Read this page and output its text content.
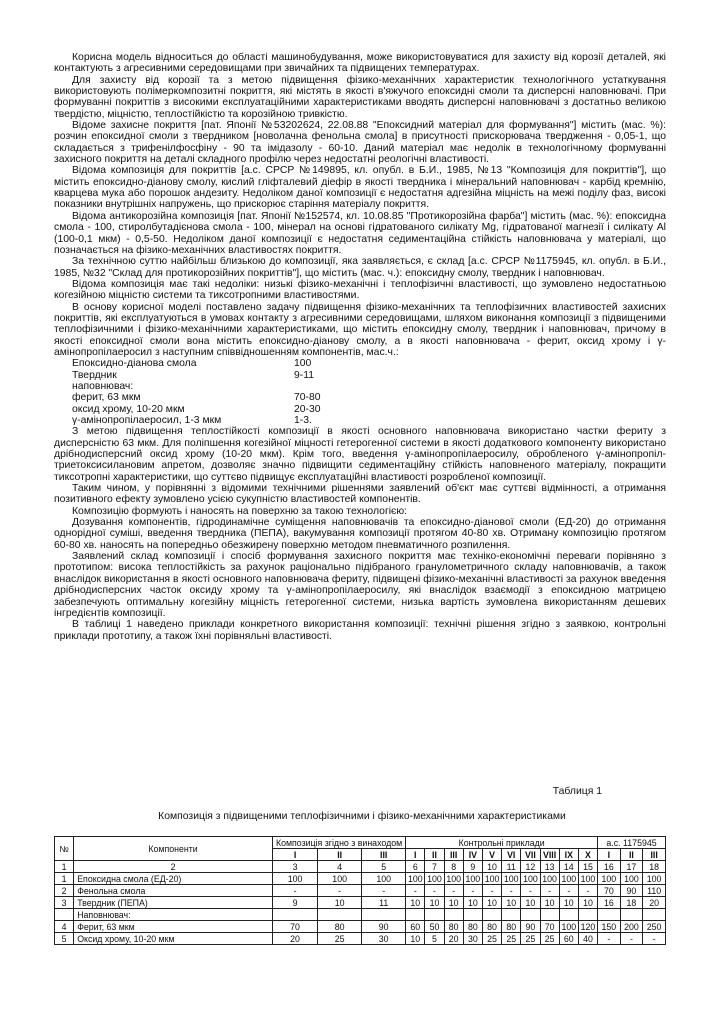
Корисна модель відноситься до області машинобудування, може використовуватися для захисту від корозії деталей, які контактують з агресивними середовищами при звичайних та підвищених температурах.

Для захисту від корозії та з метою підвищення фізико-механічних характеристик технологічного устаткування використовують полімеркомпозитні покриття, які містять в якості в'яжучого епоксидні смоли та дисперсні наповнювачі. При формуванні покриттів з високими експлуатаційними характеристиками вводять дисперсні наповнювачі з достатньо великою твердістю, міцністю, теплостійкістю та корозійною тривкістю.

Відоме захисне покриття [пат. Японії №53202624, 22.08.88 "Епоксидний матеріал для формування"] містить (мас. %): розчин епоксидної смоли з твердником [новолачна фенольна смола] в присутності прискорювача твердження - 0,05-1, що складається з трифенілфосфіну - 90 та імідазолу - 60-10. Даний матеріал має недолік в технологічному формуванні захисного покриття на деталі складного профілю через недостатні реологічні властивості.

Відома композиція для покриттів [а.с. СРСР №149895, кл. опубл. в Б.И., 1985, №13 "Композиція для покриттів"], що містить епоксидно-діанову смолу, кислий гліфталевий діефір в якості твердника і мінеральний наповнювач - карбід кремнію, кварцева мука або порошок андезиту. Недоліком даної композиції є недостатня адгезійна міцність на межі поділу фаз, високі показники внутрішніх напружень, що прискорює старіння матеріалу покриття.

Відома антикорозійна композиція [пат. Японії №152574, кл. 10.08.85 "Протикорозійна фарба"] містить (мас. %): епоксидна смола - 100, стиролбутадієнова смола - 100, мінерал на основі гідратованого силікату Mg, гідратованої магнезії і силікату Al (100-0,1 мкм) - 0,5-50. Недоліком даної композиції є недостатня седиментаційна стійкість наповнювача у матеріалі, що позначається на фізико-механічних властивостях покриття.

За технічною суттю найбільш близькою до композиції, яка заявляється, є склад [а.с. СРСР №1175945, кл. опубл. в Б.И., 1985, №32 "Склад для протикорозійних покриттів"], що містить (мас. ч.): епоксидну смолу, твердник і наповнювач.

Відома композиція має такі недоліки: низькі фізико-механічні і теплофізичні властивості, що зумовлено недостатньою когезійною міцністю системи та тиксотропними властивостями.

В основу корисної моделі поставлено задачу підвищення фізико-механічних та теплофізичних властивостей захисних покриттів, які експлуатуються в умовах контакту з агресивними середовищами, шляхом виконання композиції з підвищеними теплофізичними і фізико-механічними характеристиками, що містить епоксидну смолу, твердник і наповнювач, причому в якості епоксидної смоли вона містить епоксидно-діанову смолу, а в якості наповнювача - ферит, оксид хрому і γ-амінопропілаеросил з наступним співвідношенням компонентів, мас.ч.:

Епоксидно-діанова смола	100
Твердник	9-11
наповнювач:
ферит, 63 мкм	70-80
оксид хрому, 10-20 мкм	20-30
γ-амінопропілаеросил, 1-3 мкм	1-3.

З метою підвищення теплостійкості композиції в якості основного наповнювача використано частки фериту з дисперсністю 63 мкм. Для поліпшення когезійної міцності гетерогенної системи в якості додаткового компоненту використано дрібнодисперсний оксид хрому (10-20 мкм). Крім того, введення γ-амінопропілаеросилу, обробленого γ-амінопропіл-триетоксисилановим апретом, дозволяє значно підвищити седиментаційну стійкість наповненого матеріалу, покращити тиксотропні характеристики, що суттєво підвищує експлуатаційні властивості розробленої композиції.

Таким чином, у порівнянні з відомими технічними рішеннями заявлений об'єкт має суттєві відмінності, а отримання позитивного ефекту зумовлено усією сукупністю властивостей компонентів.

Композицію формують і наносять на поверхню за такою технологією:

Дозування компонентів, гідродинамічне суміщення наповнювачів та епоксидно-діанової смоли (ЕД-20) до отримання однорідної суміші, введення твердника (ПЕПА), вакумування композиції протягом 40-80 хв. Отриману композицію протягом 60-80 хв. наносять на попередньо обезжирену поверхню методом пневматичного розпилення.

Заявлений склад композиції і спосіб формування захисного покриття має техніко-економічні переваги порівняно з прототипом: висока теплостійкість за рахунок раціонально підібраного гранулометричного складу наповнювачів, а також внаслідок використання в якості основного наповнювача фериту, підвищені фізико-механічні властивості за рахунок введення дрібнодисперсних часток оксиду хрому та γ-амінопропілаеросилу, які внаслідок взаємодії з епоксидною матрицею забезпечують оптимальну когезійну міцність гетерогенної системи, низька вартість зумовлена використанням дешевих інгредієнтів композиції.

В таблиці 1 наведено приклади конкретного використання композиції: технічні рішення згідно з заявкою, контрольні приклади прототипу, а також їхні порівняльні властивості.

Таблиця 1
Композиція з підвищеними теплофізичними і фізико-механічними характеристиками
№	Компоненти	Композиція згідно з винаходом			Контрольні приклади										а.с. 1175945		
		I	II	III	I	II	III	IV	V	VI	VII	VIII	IX	X	I	II	III
1	2	3	4	5	6	7	8	9	10	11	12	13	14	15	16	17	18
1	Епоксидна смола (ЕД-20)	100	100	100	100	100	100	100	100	100	100	100	100	100	100	100	100
2	Фенольна смола	-	-	-	-	-	-	-	-	-	-	-	-	-	70	90	110
3	Твердник (ПЕПА)	9	10	11	10	10	10	10	10	10	10	10	10	10	16	18	20
	Наповнювач:																
4	Ферит, 63 мкм	70	80	90	60	50	80	80	80	80	90	70	100	120	150	200	250
5	Оксид хрому, 10-20 мкм	20	25	30	10	5	20	30	25	25	25	25	60	40	-	-	-
